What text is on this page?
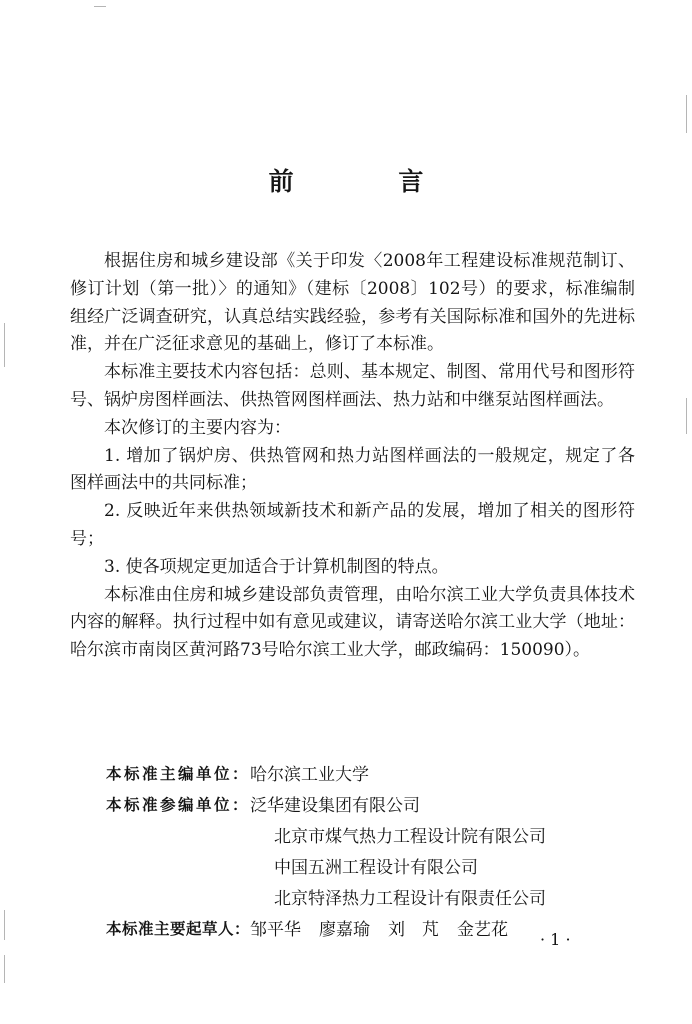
前 言

根据住房和城乡建设部《关于印发〈2008年工程建设标准规范制订、修订计划（第一批）〉的通知》（建标〔2008〕102号）的要求，标准编制组经广泛调查研究，认真总结实践经验，参考有关国际标准和国外的先进标准，并在广泛征求意见的基础上，修订了本标准。

本标准主要技术内容包括：总则、基本规定、制图、常用代号和图形符号、锅炉房图样画法、供热管网图样画法、热力站和中继泵站图样画法。

本次修订的主要内容为：

1. 增加了锅炉房、供热管网和热力站图样画法的一般规定，规定了各图样画法中的共同标准；

2. 反映近年来供热领域新技术和新产品的发展，增加了相关的图形符号；

3. 使各项规定更加适合于计算机制图的特点。

本标准由住房和城乡建设部负责管理，由哈尔滨工业大学负责具体技术内容的解释。执行过程中如有意见或建议，请寄送哈尔滨工业大学（地址：哈尔滨市南岗区黄河路73号哈尔滨工业大学，邮政编码：150090）。

本标准主编单位： 哈尔滨工业大学
本标准参编单位： 泛华建设集团有限公司
北京市煤气热力工程设计院有限公司
中国五洲工程设计有限公司
北京特泽热力工程设计有限责任公司
本标准主要起草人： 邹平华 廖嘉瑜 刘　芃 金艺花 · 1 ·
